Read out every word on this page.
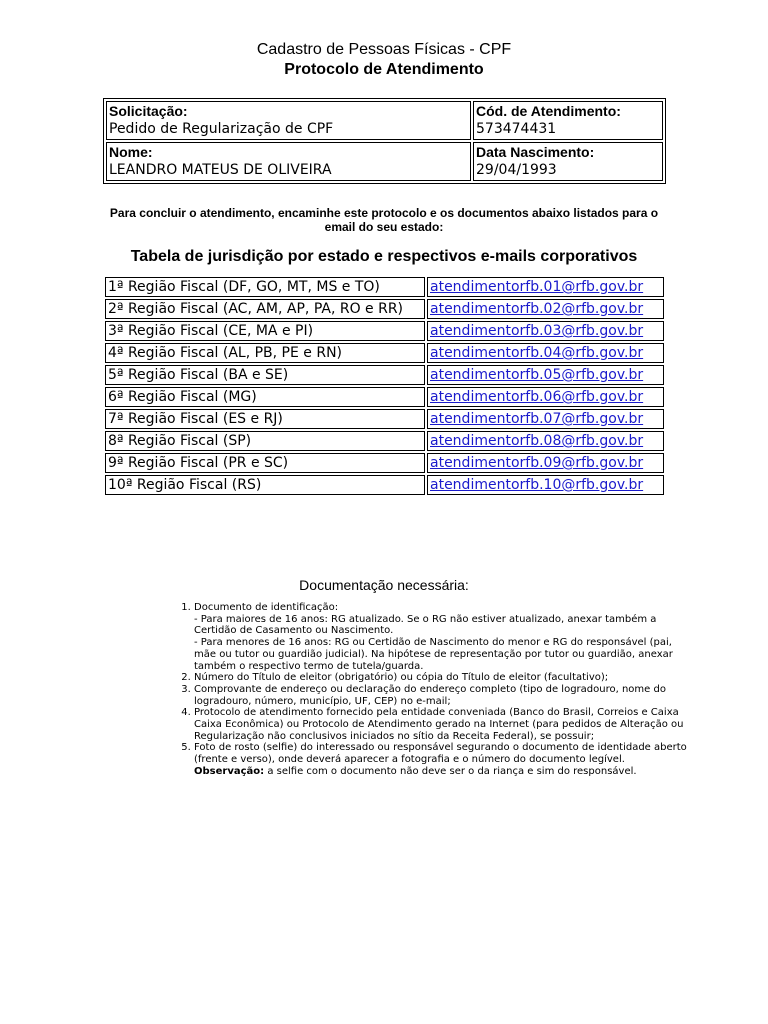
Cadastro de Pessoas Físicas - CPF
Protocolo de Atendimento
Solicitação:
Pedido de Regularização de CPF	Cód. de Atendimento:
573474431

Nome:
LEANDRO MATEUS DE OLIVEIRA	Data Nascimento:
29/04/1993
Para concluir o atendimento, encaminhe este protocolo e os documentos abaixo listados para o email do seu estado:
Tabela de jurisdição por estado e respectivos e-mails corporativos
1ª Região Fiscal (DF, GO, MT, MS e TO)	atendimentorfb.01@rfb.gov.br
2ª Região Fiscal (AC, AM, AP, PA, RO e RR)	atendimentorfb.02@rfb.gov.br
3ª Região Fiscal (CE, MA e PI)	atendimentorfb.03@rfb.gov.br
4ª Região Fiscal (AL, PB, PE e RN)	atendimentorfb.04@rfb.gov.br
5ª Região Fiscal (BA e SE)	atendimentorfb.05@rfb.gov.br
6ª Região Fiscal (MG)	atendimentorfb.06@rfb.gov.br
7ª Região Fiscal (ES e RJ)	atendimentorfb.07@rfb.gov.br
8ª Região Fiscal (SP)	atendimentorfb.08@rfb.gov.br
9ª Região Fiscal (PR e SC)	atendimentorfb.09@rfb.gov.br
10ª Região Fiscal (RS)	atendimentorfb.10@rfb.gov.br
Documentação necessária:
1. Documento de identificação:
- Para maiores de 16 anos: RG atualizado. Se o RG não estiver atualizado, anexar também a Certidão de Casamento ou Nascimento.
- Para menores de 16 anos: RG ou Certidão de Nascimento do menor e RG do responsável (pai, mãe ou tutor ou guardião judicial). Na hipótese de representação por tutor ou guardião, anexar também o respectivo termo de tutela/guarda.
2. Número do Título de eleitor (obrigatório) ou cópia do Título de eleitor (facultativo);
3. Comprovante de endereço ou declaração do endereço completo (tipo de logradouro, nome do logradouro, número, município, UF, CEP) no e-mail;
4. Protocolo de atendimento fornecido pela entidade conveniada (Banco do Brasil, Correios e Caixa Caixa Econômica) ou Protocolo de Atendimento gerado na Internet (para pedidos de Alteração ou Regularização não conclusivos iniciados no sítio da Receita Federal), se possuir;
5. Foto de rosto (selfie) do interessado ou responsável segurando o documento de identidade aberto (frente e verso), onde deverá aparecer a fotografia e o número do documento legível.
Observação: a selfie com o documento não deve ser o da riança e sim do responsável.
